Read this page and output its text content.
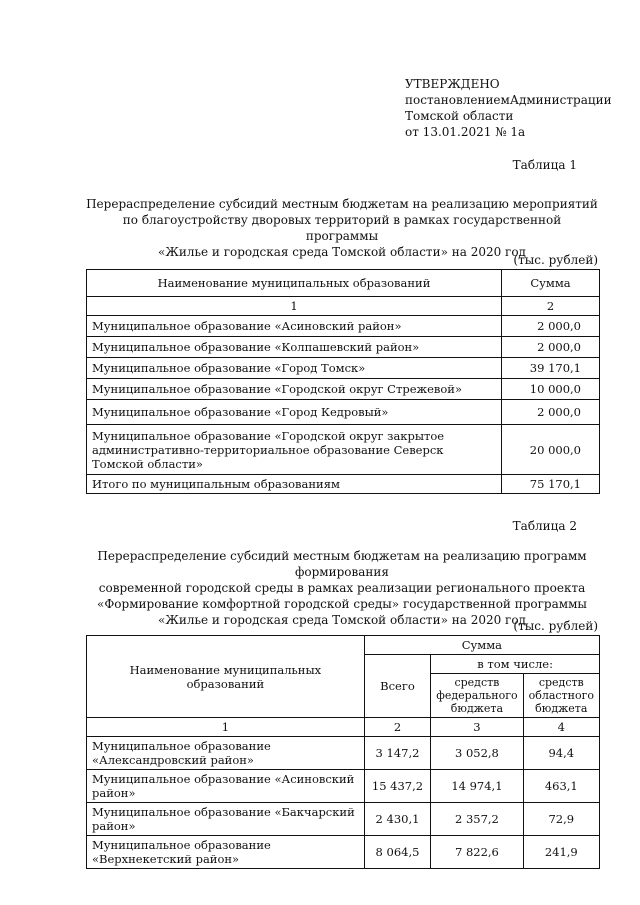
УТВЕРЖДЕНО
постановлением Администрации
Томской области
от 13.01.2021 № 1а
Таблица 1
Перераспределение субсидий местным бюджетам на реализацию мероприятий
по благоустройству дворовых территорий в рамках государственной программы
«Жилье и городская среда Томской области» на 2020 год
(тыс. рублей)
Наименование муниципальных образований	Сумма
1	2
Муниципальное образование «Асиновский район»	2 000,0
Муниципальное образование «Колпашевский район»	2 000,0
Муниципальное образование «Город Томск»	39 170,1
Муниципальное образование «Городской округ Стрежевой»	10 000,0
Муниципальное образование «Город Кедровый»	2 000,0
Муниципальное образование «Городской округ закрытое административно-территориальное образование Северск Томской области»	20 000,0
Итого по муниципальным образованиям	75 170,1
Таблица 2
Перераспределение субсидий местным бюджетам на реализацию программ формирования
современной городской среды в рамках реализации регионального проекта
«Формирование комфортной городской среды» государственной программы
«Жилье и городская среда Томской области» на 2020 год
(тыс. рублей)
Наименование муниципальных образований	Сумма		
	Всего	в том числе:	
		средств федерального бюджета	средств областного бюджета
1	2	3	4
Муниципальное образование «Александровский район»	3 147,2	3 052,8	94,4
Муниципальное образование «Асиновский район»	15 437,2	14 974,1	463,1
Муниципальное образование «Бакчарский район»	2 430,1	2 357,2	72,9
Муниципальное образование «Верхнекетский район»	8 064,5	7 822,6	241,9
